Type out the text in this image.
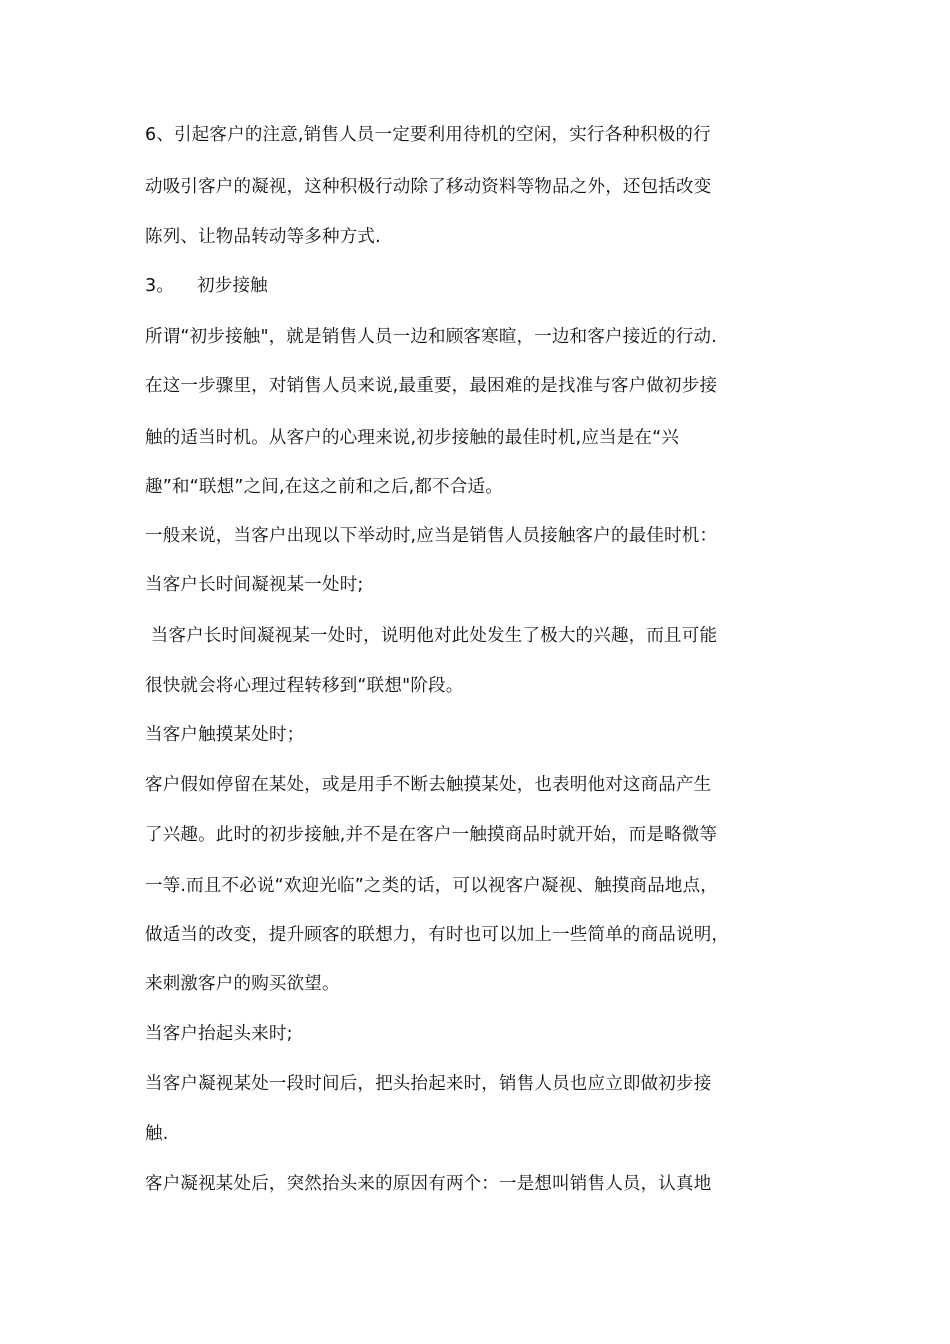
6、引起客户的注意,销售人员一定要利用待机的空闲，实行各种积极的行
动吸引客户的凝视，这种积极行动除了移动资料等物品之外，还包括改变
陈列、让物品转动等多种方式.
3。    初步接触
所谓“初步接触"，就是销售人员一边和顾客寒暄，一边和客户接近的行动.
在这一步骤里，对销售人员来说,最重要，最困难的是找准与客户做初步接
触的适当时机。从客户的心理来说,初步接触的最佳时机,应当是在“兴
趣”和“联想”之间,在这之前和之后,都不合适。
一般来说，当客户出现以下举动时,应当是销售人员接触客户的最佳时机：
当客户长时间凝视某一处时;
当客户长时间凝视某一处时，说明他对此处发生了极大的兴趣，而且可能
很快就会将心理过程转移到“联想"阶段。
当客户触摸某处时；
客户假如停留在某处，或是用手不断去触摸某处，也表明他对这商品产生
了兴趣。此时的初步接触,并不是在客户一触摸商品时就开始，而是略微等
一等.而且不必说“欢迎光临”之类的话，可以视客户凝视、触摸商品地点，
做适当的改变，提升顾客的联想力，有时也可以加上一些简单的商品说明，
来刺激客户的购买欲望。
当客户抬起头来时;
当客户凝视某处一段时间后，把头抬起来时，销售人员也应立即做初步接
触.
客户凝视某处后，突然抬头来的原因有两个：一是想叫销售人员，认真地
